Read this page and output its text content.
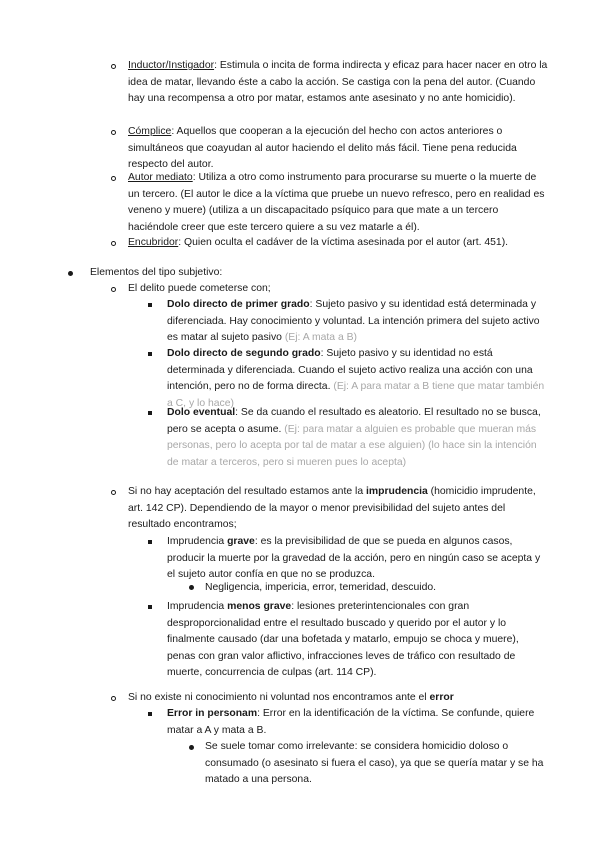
Inductor/Instigador: Estimula o incita de forma indirecta y eficaz para hacer nacer en otro la idea de matar, llevando éste a cabo la acción. Se castiga con la pena del autor. (Cuando hay una recompensa a otro por matar, estamos ante asesinato y no ante homicidio).

Cómplice: Aquellos que cooperan a la ejecución del hecho con actos anteriores o simultáneos que coayudan al autor haciendo el delito más fácil. Tiene pena reducida respecto del autor.

Autor mediato: Utiliza a otro como instrumento para procurarse su muerte o la muerte de un tercero. (El autor le dice a la víctima que pruebe un nuevo refresco, pero en realidad es veneno y muere) (utiliza a un discapacitado psíquico para que mate a un tercero haciéndole creer que este tercero quiere a su vez matarle a él).

Encubridor: Quien oculta el cadáver de la víctima asesinada por el autor (art. 451).

Elementos del tipo subjetivo:

El delito puede cometerse con;

Dolo directo de primer grado: Sujeto pasivo y su identidad está determinada y diferenciada. Hay conocimiento y voluntad. La intención primera del sujeto activo es matar al sujeto pasivo (Ej: A mata a B)

Dolo directo de segundo grado: Sujeto pasivo y su identidad no está determinada y diferenciada. Cuando el sujeto activo realiza una acción con una intención, pero no de forma directa. (Ej: A para matar a B tiene que matar también a C, y lo hace)

Dolo eventual: Se da cuando el resultado es aleatorio. El resultado no se busca, pero se acepta o asume. (Ej: para matar a alguien es probable que mueran más personas, pero lo acepta por tal de matar a ese alguien) (lo hace sin la intención de matar a terceros, pero si mueren pues lo acepta)

Si no hay aceptación del resultado estamos ante la imprudencia (homicidio imprudente, art. 142 CP). Dependiendo de la mayor o menor previsibilidad del sujeto antes del resultado encontramos;

Imprudencia grave: es la previsibilidad de que se pueda en algunos casos, producir la muerte por la gravedad de la acción, pero en ningún caso se acepta y el sujeto autor confía en que no se produzca.

Negligencia, impericia, error, temeridad, descuido.

Imprudencia menos grave: lesiones preterintencionales con gran desproporcionalidad entre el resultado buscado y querido por el autor y lo finalmente causado (dar una bofetada y matarlo, empujo se choca y muere), penas con gran valor aflictivo, infracciones leves de tráfico con resultado de muerte, concurrencia de culpas (art. 114 CP).

Si no existe ni conocimiento ni voluntad nos encontramos ante el error

Error in personam: Error en la identificación de la víctima. Se confunde, quiere matar a A y mata a B.

Se suele tomar como irrelevante: se considera homicidio doloso o consumado (o asesinato si fuera el caso), ya que se quería matar y se ha matado a una persona.
